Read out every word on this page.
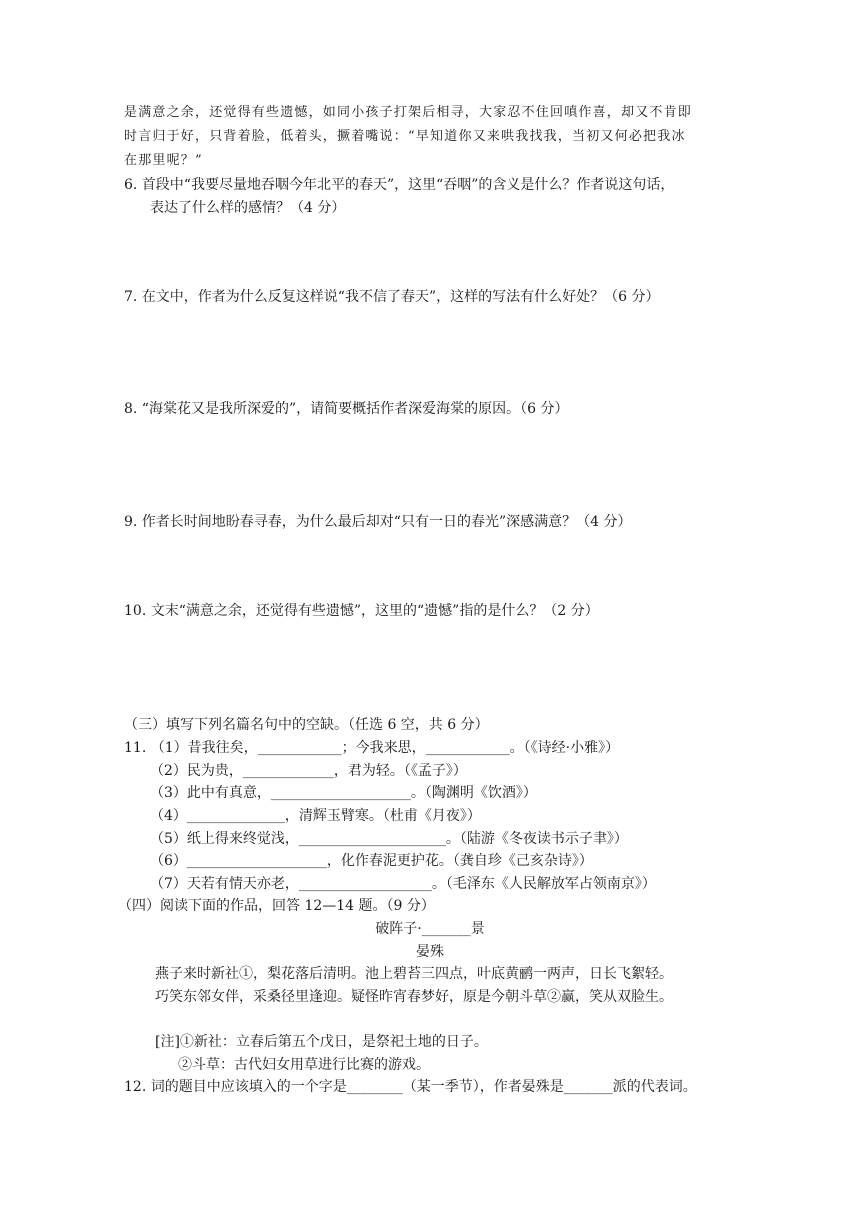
是满意之余，还觉得有些遗憾，如同小孩子打架后相寻，大家忍不住回嗔作喜，却又不肯即
时言归于好，只背着脸，低着头，撅着嘴说：“早知道你又来哄我找我，当初又何必把我冰
在那里呢？”
6. 首段中“我要尽量地吞咽今年北平的春天”，这里“吞咽”的含义是什么？作者说这句话，
表达了什么样的感情？（4 分）
7. 在文中，作者为什么反复这样说“我不信了春天”，这样的写法有什么好处？（6 分）
8. “海棠花又是我所深爱的”，请简要概括作者深爱海棠的原因。（6 分）
9. 作者长时间地盼春寻春，为什么最后却对“只有一日的春光”深感满意？（4 分）
10. 文末“满意之余，还觉得有些遗憾”，这里的“遗憾”指的是什么？（2 分）
（三）填写下列名篇名句中的空缺。（任选 6 空，共 6 分）
11. （1）昔我往矣，____________；今我来思，____________。（《诗经·小雅》）
（2）民为贵，_____________，君为轻。（《孟子》）
（3）此中有真意，____________________。（陶渊明《饮酒》）
（4）______________，清辉玉臂寒。（杜甫《月夜》）
（5）纸上得来终觉浅，_____________________。（陆游《冬夜读书示子聿》）
（6）____________________，化作春泥更护花。（龚自珍《己亥杂诗》）
（7）天若有情天亦老，___________________。（毛泽东《人民解放军占领南京》）
（四）阅读下面的作品，回答 12—14 题。（9 分）
破阵子·_______景
晏殊
燕子来时新社①，梨花落后清明。池上碧苔三四点，叶底黄鹂一两声，日长飞絮轻。
巧笑东邻女伴，采桑径里逢迎。疑怪昨宵春梦好，原是今朝斗草②赢，笑从双脸生。
[注]①新社：立春后第五个戊日，是祭祀土地的日子。
②斗草：古代妇女用草进行比赛的游戏。
12. 词的题目中应该填入的一个字是________（某一季节），作者晏殊是_______派的代表词。
